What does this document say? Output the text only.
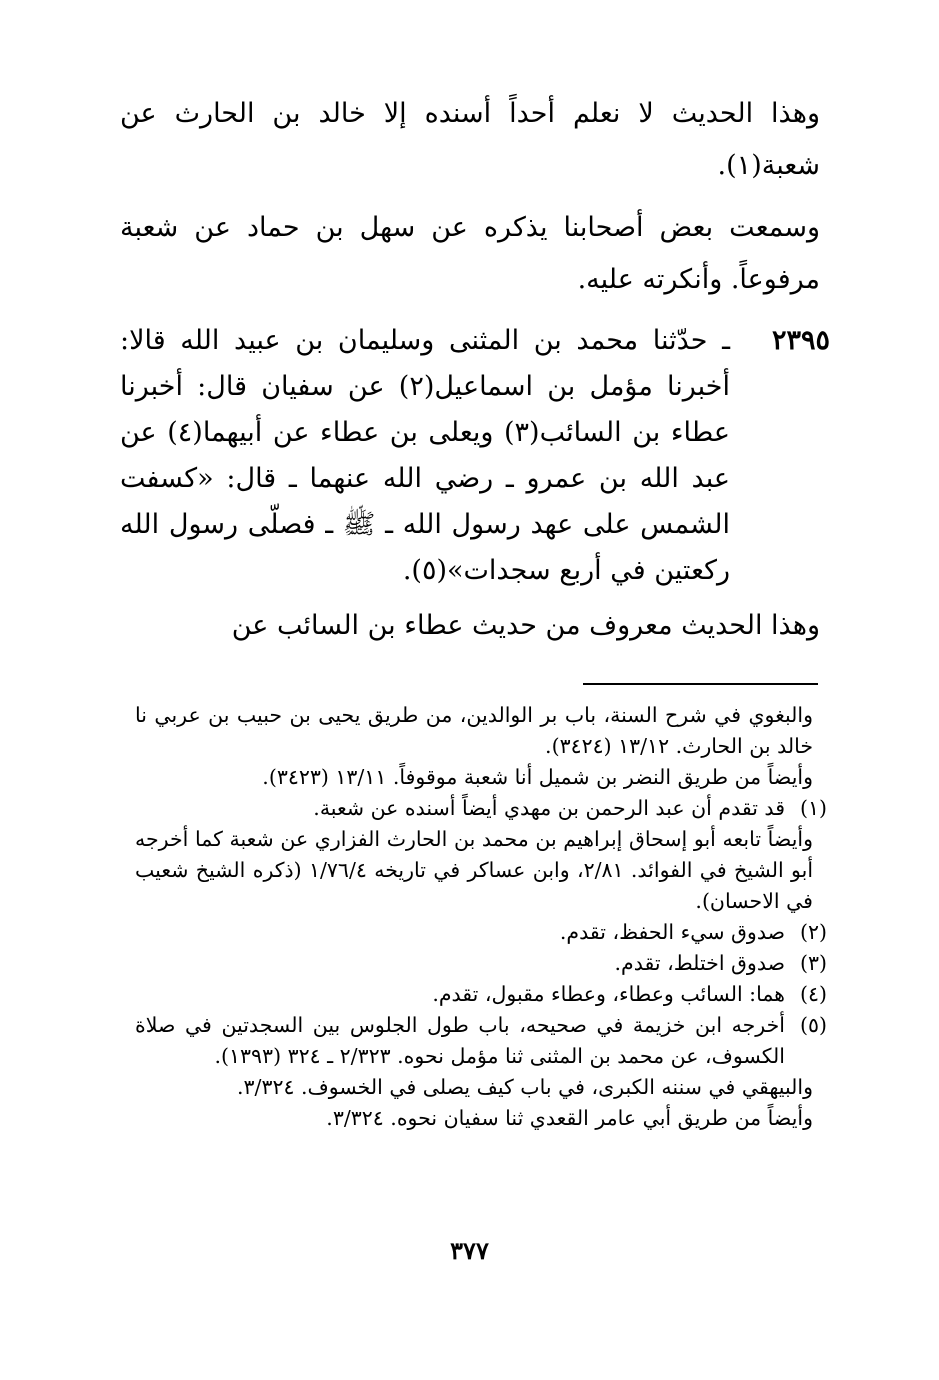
وهذا الحديث لا نعلم أحداً أسنده إلا خالد بن الحارث عن شعبة(١).

وسمعت بعض أصحابنا يذكره عن سهل بن حماد عن شعبة مرفوعاً. وأنكرته عليه.

٢٣٩٥
ـ حدّثنا محمد بن المثنى وسليمان بن عبيد الله قالا: أخبرنا مؤمل بن اسماعيل(٢) عن سفيان قال: أخبرنا عطاء بن السائب(٣) ويعلى بن عطاء عن أبيهما(٤) عن عبد الله بن عمرو ـ رضي الله عنهما ـ قال: «كسفت الشمس على عهد رسول الله ـ ﷺ ـ فصلّى رسول الله ركعتين في أربع سجدات»(٥).

وهذا الحديث معروف من حديث عطاء بن السائب عن

والبغوي في شرح السنة، باب بر الوالدين، من طريق يحيى بن حبيب بن عربي نا خالد بن الحارث. ١٣/١٢ (٣٤٢٤).
وأيضاً من طريق النضر بن شميل أنا شعبة موقوفاً. ١٣/١١ (٣٤٢٣).
(١)
قد تقدم أن عبد الرحمن بن مهدي أيضاً أسنده عن شعبة.
وأيضاً تابعه أبو إسحاق إبراهيم بن محمد بن الحارث الفزاري عن شعبة كما أخرجه أبو الشيخ في الفوائد. ٢/٨١، وابن عساكر في تاريخه ١/٧٦/٤ (ذكره الشيخ شعيب في الاحسان).
(٢)
صدوق سيء الحفظ، تقدم.
(٣)
صدوق اختلط، تقدم.
(٤)
هما: السائب وعطاء، وعطاء مقبول، تقدم.
(٥)
أخرجه ابن خزيمة في صحيحه، باب طول الجلوس بين السجدتين في صلاة الكسوف، عن محمد بن المثنى ثنا مؤمل نحوه. ٢/٣٢٣ ـ ٣٢٤ (١٣٩٣).
والبيهقي في سننه الكبرى، في باب كيف يصلى في الخسوف. ٣/٣٢٤.
وأيضاً من طريق أبي عامر القعدي ثنا سفيان نحوه. ٣/٣٢٤.
٣٧٧
